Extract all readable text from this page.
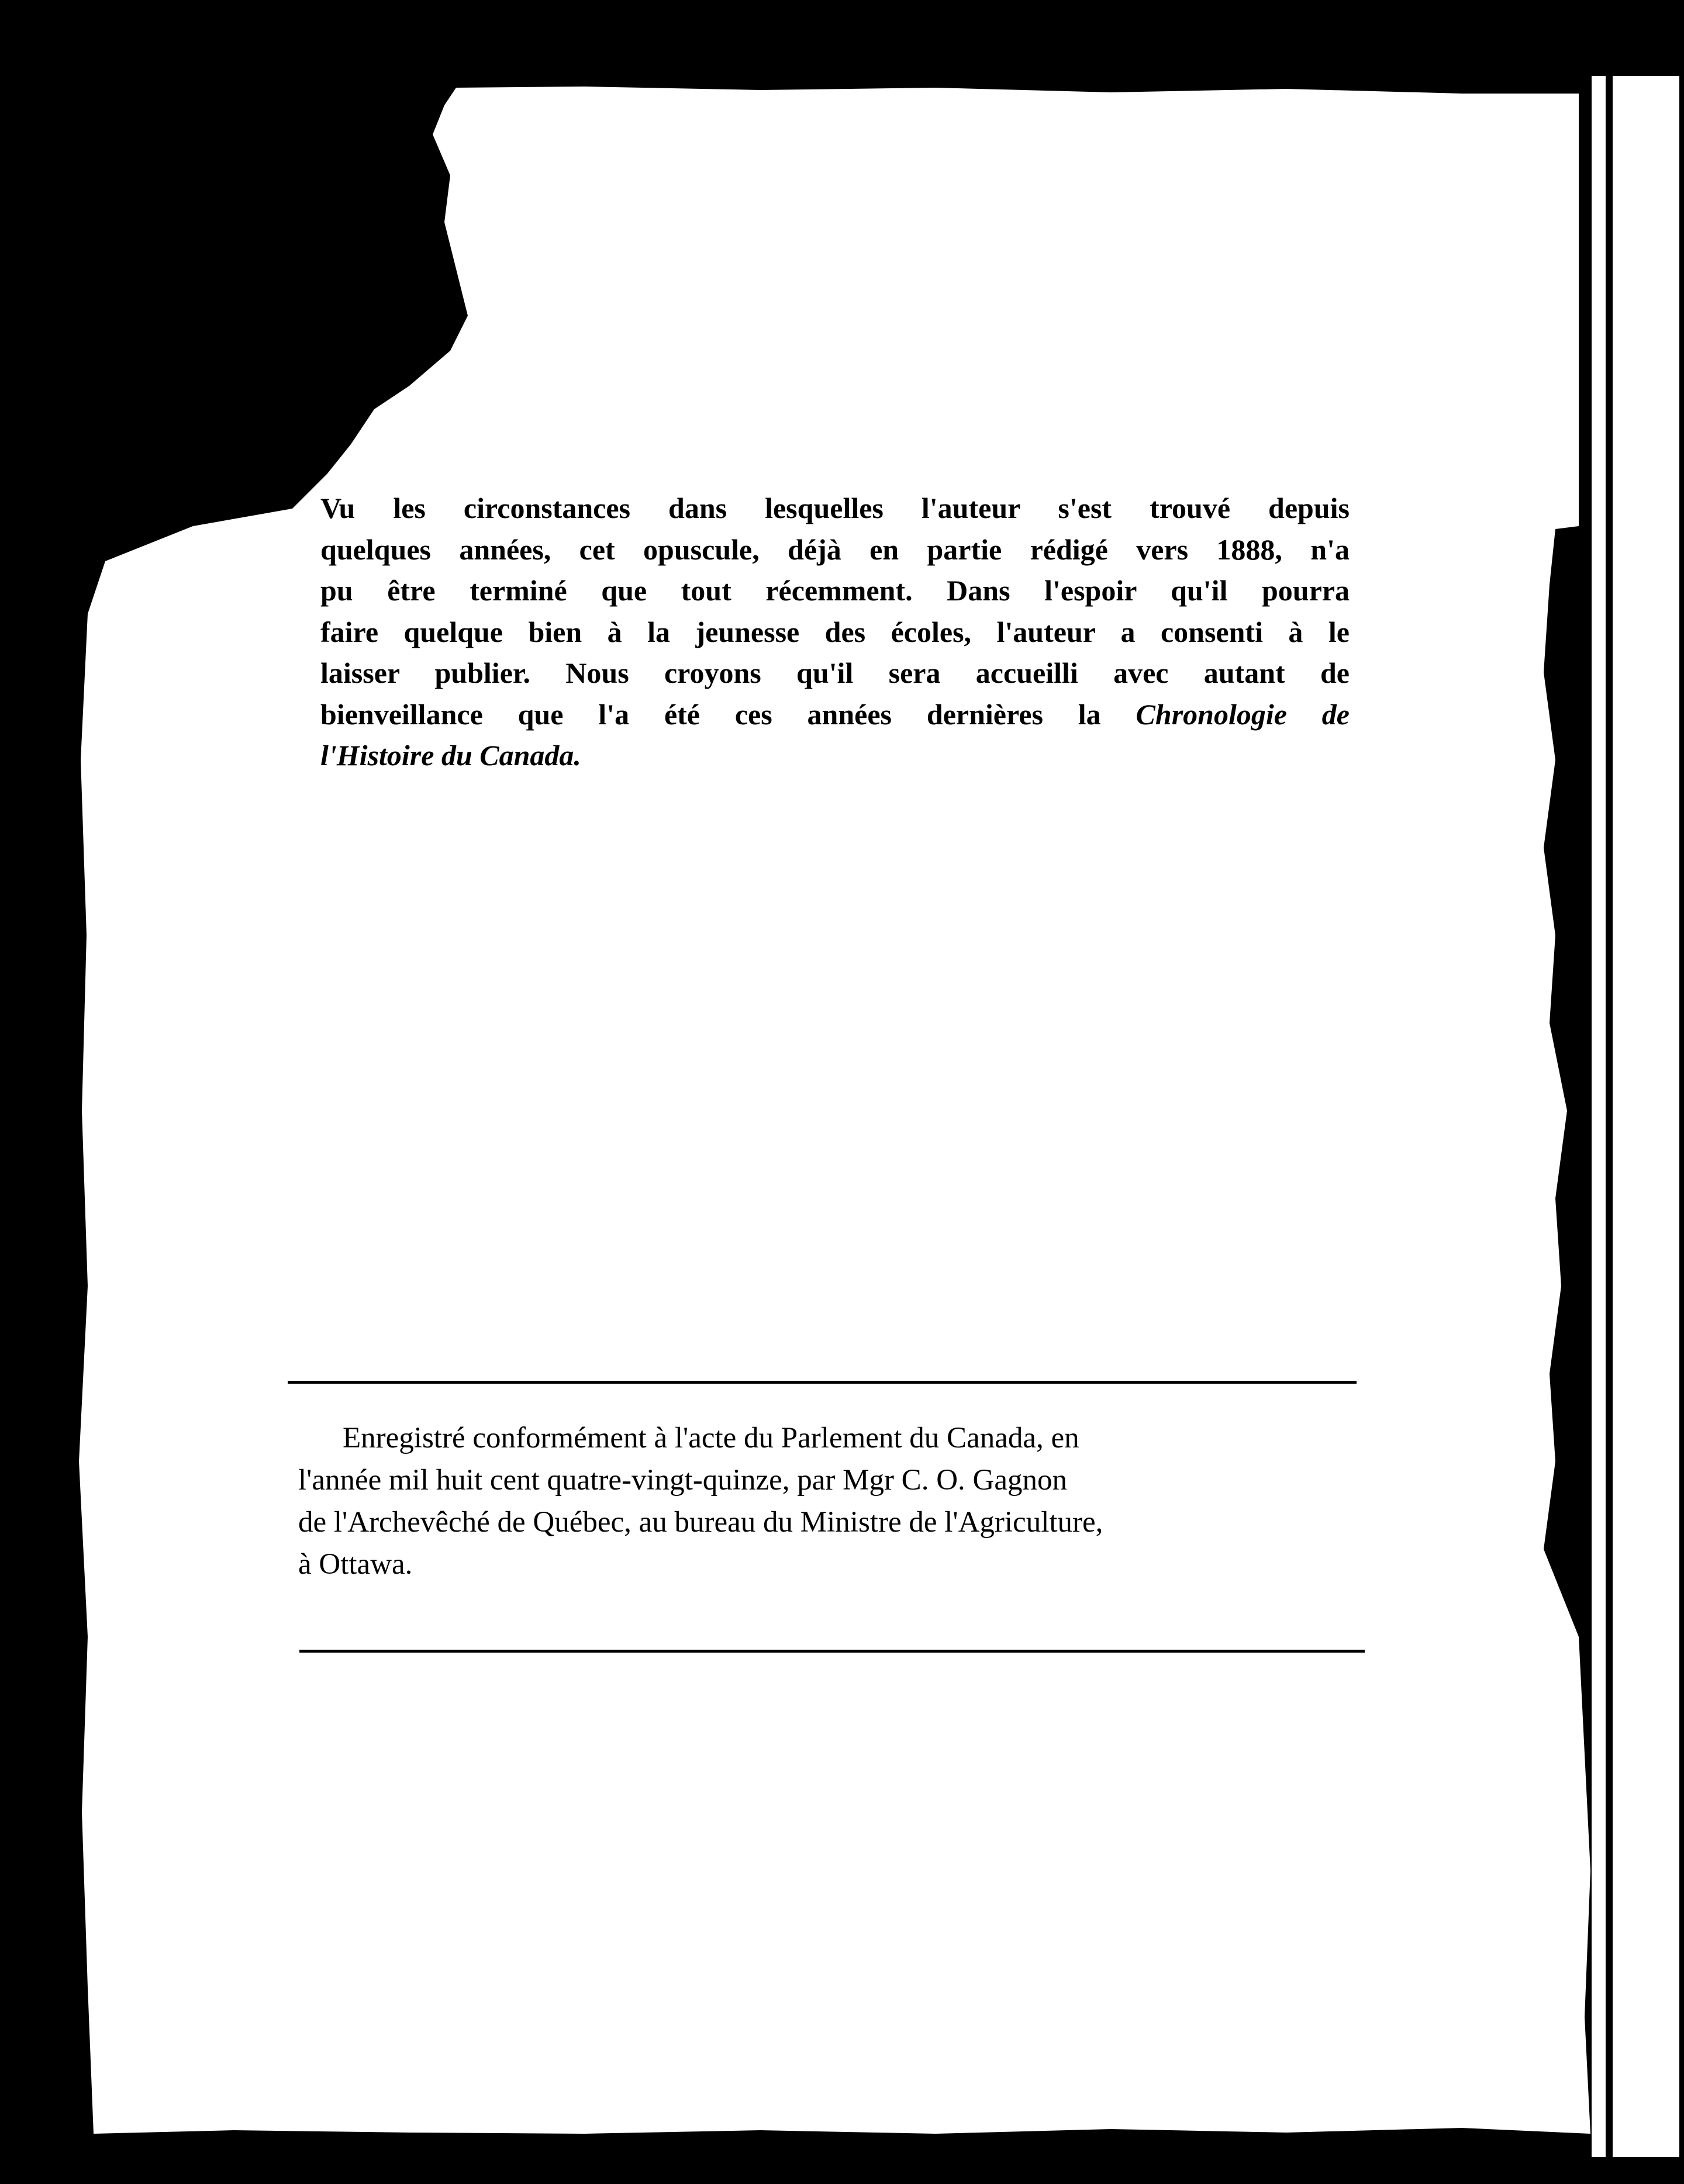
Vu les circonstances dans lesquelles l'auteur s'est trouvé depuis
quelques années, cet opuscule, déjà en partie rédigé vers 1888, n'a
pu être terminé que tout récemment. Dans l'espoir qu'il pourra
faire quelque bien à la jeunesse des écoles, l'auteur a consenti à le
laisser publier. Nous croyons qu'il sera accueilli avec autant de
bienveillance que l'a été ces années dernières la Chronologie de
l'Histoire du Canada.
Enregistré conformément à l'acte du Parlement du Canada, en
l'année mil huit cent quatre-vingt-quinze, par Mgr C. O. Gagnon
de l'Archevêché de Québec, au bureau du Ministre de l'Agriculture,
à Ottawa.
